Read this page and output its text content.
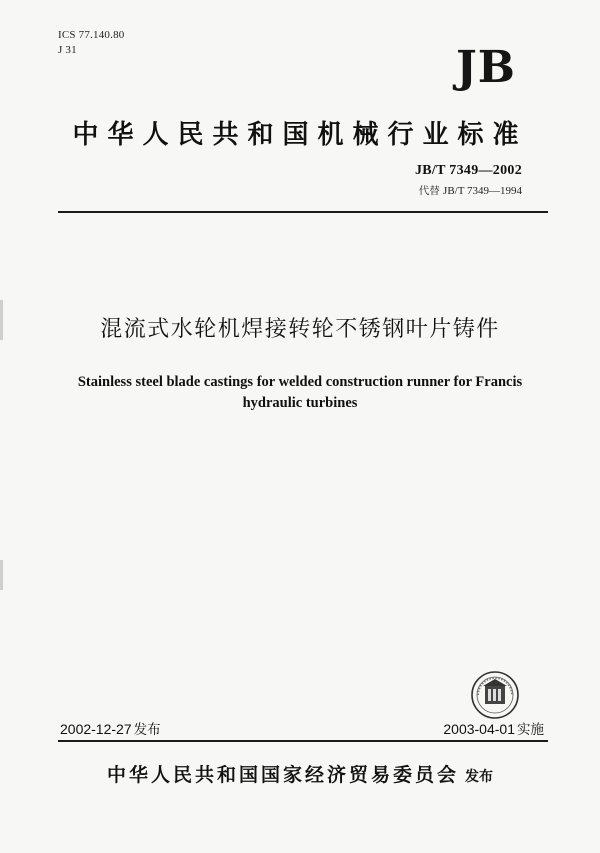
ICS 77.140.80
J 31	JB
中华人民共和国机械行业标准
JB/T 7349—2002
代替 JB/T 7349—1994
混流式水轮机焊接转轮不锈钢叶片铸件
Stainless steel blade castings for welded construction runner for Francis
hydraulic turbines
2002-12-27 发布	2003-04-01 实施
中华人民共和国国家经济贸易委员会 发布
